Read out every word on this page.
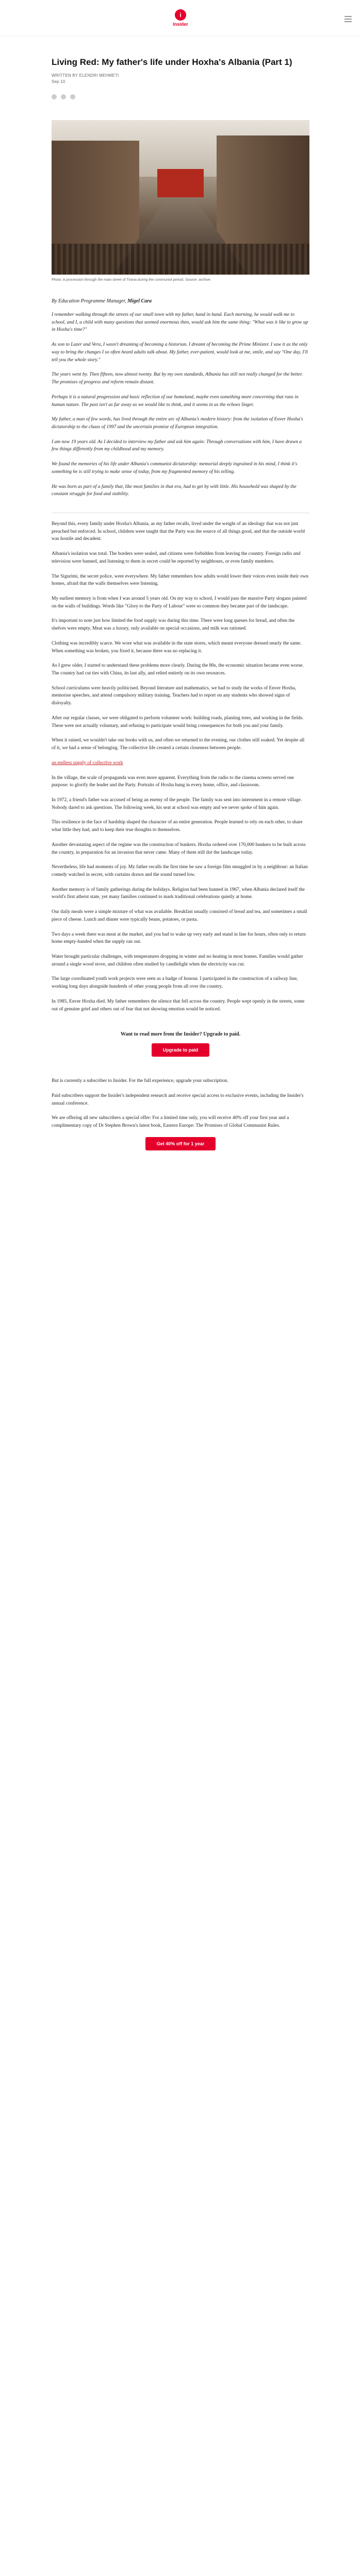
i
Insider
Living Red: My father's life under Hoxha's Albania (Part 1)
WRITTEN BY ELENDRI MEHMETI
Sep 10
Photo: A procession through the main street of Tirana during the communist period. Source: archive.
By Education Programme Manager, Migel Cara

I remember walking through the streets of our small town with my father, hand in hand. Each morning, he would walk me to school, and I, a child with many questions that seemed enormous then, would ask him the same thing: "What was it like to grow up in Hoxha's time?"

As son to Lazer and Vera, I wasn't dreaming of becoming a historian. I dreamt of becoming the Prime Minister. I saw it as the only way to bring the changes I so often heard adults talk about. My father, ever-patient, would look at me, smile, and say "One day, I'll tell you the whole story."

The years went by. Then fifteen, now almost twenty. But by my own standards, Albania has still not really changed for the better. The promises of progress and reform remain distant.

Perhaps it is a natural progression and basic reflection of our homeland, maybe even something more concerning that runs in human nature. The past isn't as far away as we would like to think, and it seems in us the echoes linger.

My father, a man of few words, has lived through the entire arc of Albania's modern history: from the isolation of Enver Hoxha's dictatorship to the chaos of 1997 and the uncertain promise of European integration.

I am now 19 years old. As I decided to interview my father and ask him again: Through conversations with him, I have drawn a few things differently from my childhood and my memory.

We found the memories of his life under Albania's communist dictatorship: memorial deeply ingrained in his mind, I think it's something he is still trying to make sense of today, from my fragmented memory of his telling.

He was born as part of a family that, like most families in that era, had to get by with little. His household was shaped by the constant struggle for food and stability.

Beyond this, every family under Hoxha's Albania, as my father recalls, lived under the weight of an ideology that was not just preached but enforced. In school, children were taught that the Party was the source of all things good, and that the outside world was hostile and decadent.

Albania's isolation was total. The borders were sealed, and citizens were forbidden from leaving the country. Foreign radio and television were banned, and listening to them in secret could be reported by neighbours, or even family members.

The Sigurimi, the secret police, were everywhere. My father remembers how adults would lower their voices even inside their own homes, afraid that the walls themselves were listening.

My earliest memory is from when I was around 5 years old. On my way to school, I would pass the massive Party slogans painted on the walls of buildings. Words like "Glory to the Party of Labour" were so common they became part of the landscape.

It's important to note just how limited the food supply was during this time. There were long queues for bread, and often the shelves were empty. Meat was a luxury, only available on special occasions, and milk was rationed.

Clothing was incredibly scarce. We wore what was available in the state stores, which meant everyone dressed nearly the same. When something was broken, you fixed it, because there was no replacing it.

As I grew older, I started to understand these problems more clearly. During the 80s, the economic situation became even worse. The country had cut ties with China, its last ally, and relied entirely on its own resources.

School curriculums were heavily politicised. Beyond literature and mathematics, we had to study the works of Enver Hoxha, memorise speeches, and attend compulsory military training. Teachers had to report on any students who showed signs of disloyalty.

After our regular classes, we were obligated to perform volunteer work: building roads, planting trees, and working in the fields. These were not actually voluntary, and refusing to participate would bring consequences for both you and your family.

When it rained, we wouldn't take our books with us, and often we returned to the evening, our clothes still soaked. Yet despite all of it, we had a sense of belonging. The collective life created a certain closeness between people.

an endless supply of collective work

In the village, the scale of propaganda was even more apparent. Everything from the radio to the cinema screens served one purpose: to glorify the leader and the Party. Portraits of Hoxha hung in every home, office, and classroom.

In 1972, a friend's father was accused of being an enemy of the people. The family was sent into internment in a remote village. Nobody dared to ask questions. The following week, his seat at school was empty and we never spoke of him again.

This resilience in the face of hardship shaped the character of an entire generation. People learned to rely on each other, to share what little they had, and to keep their true thoughts to themselves.

Another devastating aspect of the regime was the construction of bunkers. Hoxha ordered over 170,000 bunkers to be built across the country, in preparation for an invasion that never came. Many of them still dot the landscape today.

Nevertheless, life had moments of joy. My father recalls the first time he saw a foreign film smuggled in by a neighbour: an Italian comedy watched in secret, with curtains drawn and the sound turned low.

Another memory is of family gatherings during the holidays. Religion had been banned in 1967, when Albania declared itself the world's first atheist state, yet many families continued to mark traditional celebrations quietly at home.

Our daily meals were a simple mixture of what was available. Breakfast usually consisted of bread and tea, and sometimes a small piece of cheese. Lunch and dinner were typically beans, potatoes, or pasta.

Two days a week there was meat at the market, and you had to wake up very early and stand in line for hours, often only to return home empty-handed when the supply ran out.

Water brought particular challenges, with temperatures dropping in winter and no heating in most homes. Families would gather around a single wood stove, and children often studied by candlelight when the electricity was cut.

The large coordinated youth work projects were seen as a badge of honour. I participated in the construction of a railway line, working long days alongside hundreds of other young people from all over the country.

In 1985, Enver Hoxha died. My father remembers the silence that fell across the country. People wept openly in the streets, some out of genuine grief and others out of fear that not showing emotion would be noticed.

Want to read more from the Insider? Upgrade to paid.
Upgrade to paid

But is currently a subscriber to Insider. For the full experience, upgrade your subscription.

Paid subscribers support the Insider's independent research and receive special access to exclusive events, including the Insider's annual conference.

We are offering all new subscribers a special offer: For a limited time only, you will receive 40% off your first year and a complimentary copy of Dr Stephen Brown's latest book, Eastern Europe: The Promises of Global Communist Rules.

Get 40% off for 1 year
